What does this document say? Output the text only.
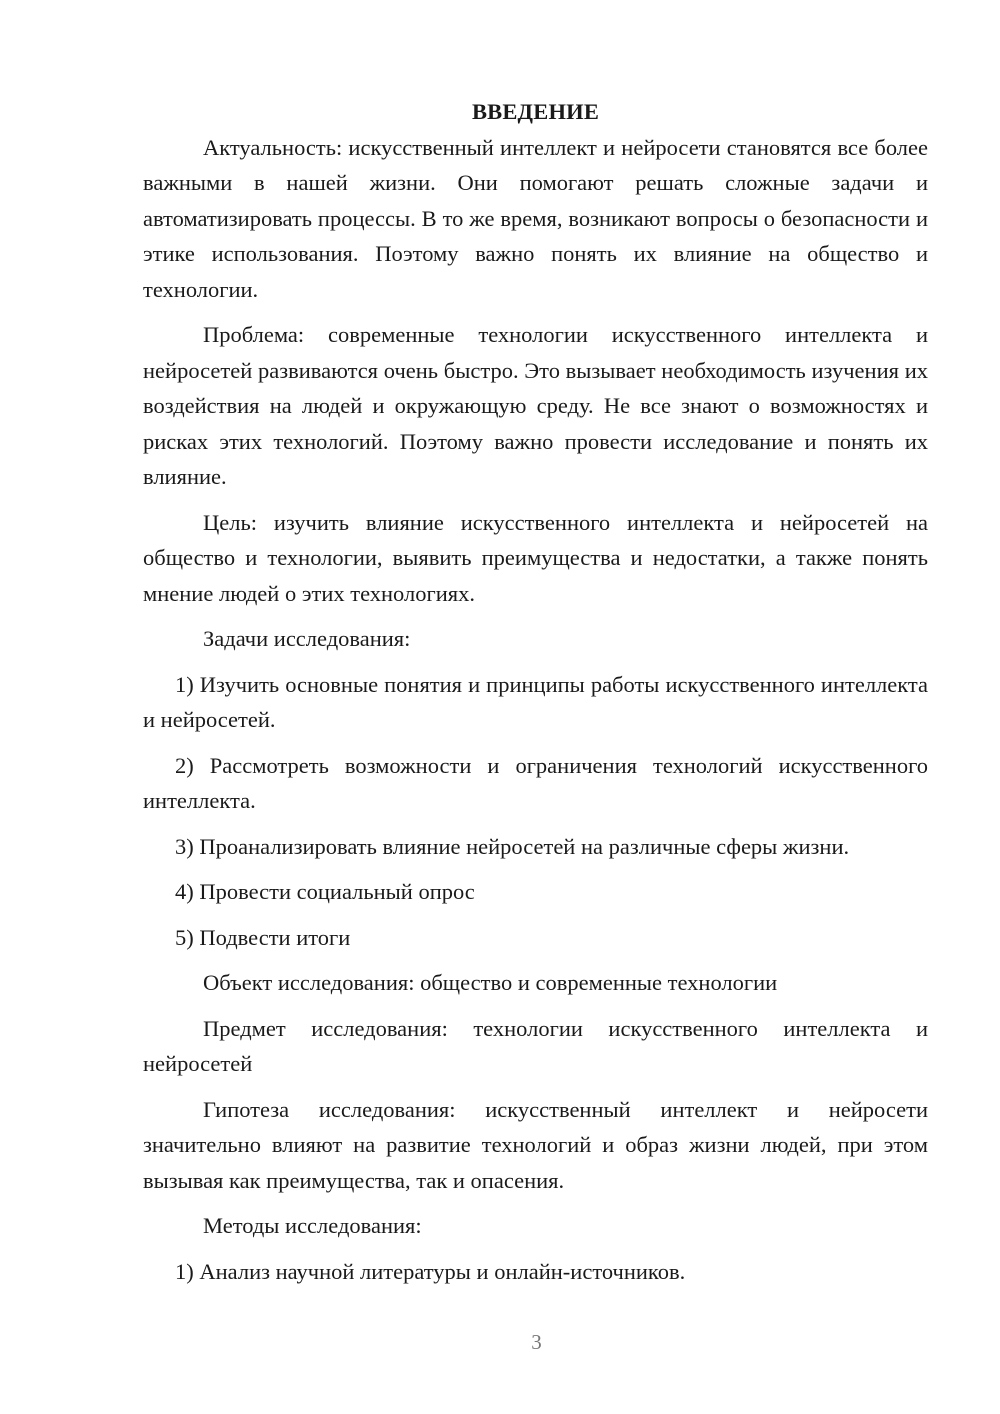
ВВЕДЕНИЕ

Актуальность: искусственный интеллект и нейросети становятся все более важными в нашей жизни. Они помогают решать сложные задачи и автоматизировать процессы. В то же время, возникают вопросы о безопасности и этике использования. Поэтому важно понять их влияние на общество и технологии.

Проблема: современные технологии искусственного интеллекта и нейросетей развиваются очень быстро. Это вызывает необходимость изучения их воздействия на людей и окружающую среду. Не все знают о возможностях и рисках этих технологий. Поэтому важно провести исследование и понять их влияние.

Цель: изучить влияние искусственного интеллекта и нейросетей на общество и технологии, выявить преимущества и недостатки, а также понять мнение людей о этих технологиях.

Задачи исследования:

1) Изучить основные понятия и принципы работы искусственного интеллекта и нейросетей.

2) Рассмотреть возможности и ограничения технологий искусственного интеллекта.

3) Проанализировать влияние нейросетей на различные сферы жизни.

4) Провести социальный опрос

5) Подвести итоги

Объект исследования: общество и современные технологии

Предмет исследования: технологии искусственного интеллекта и нейросетей

Гипотеза исследования: искусственный интеллект и нейросети значительно влияют на развитие технологий и образ жизни людей, при этом вызывая как преимущества, так и опасения.

Методы исследования:

1) Анализ научной литературы и онлайн-источников.

3
